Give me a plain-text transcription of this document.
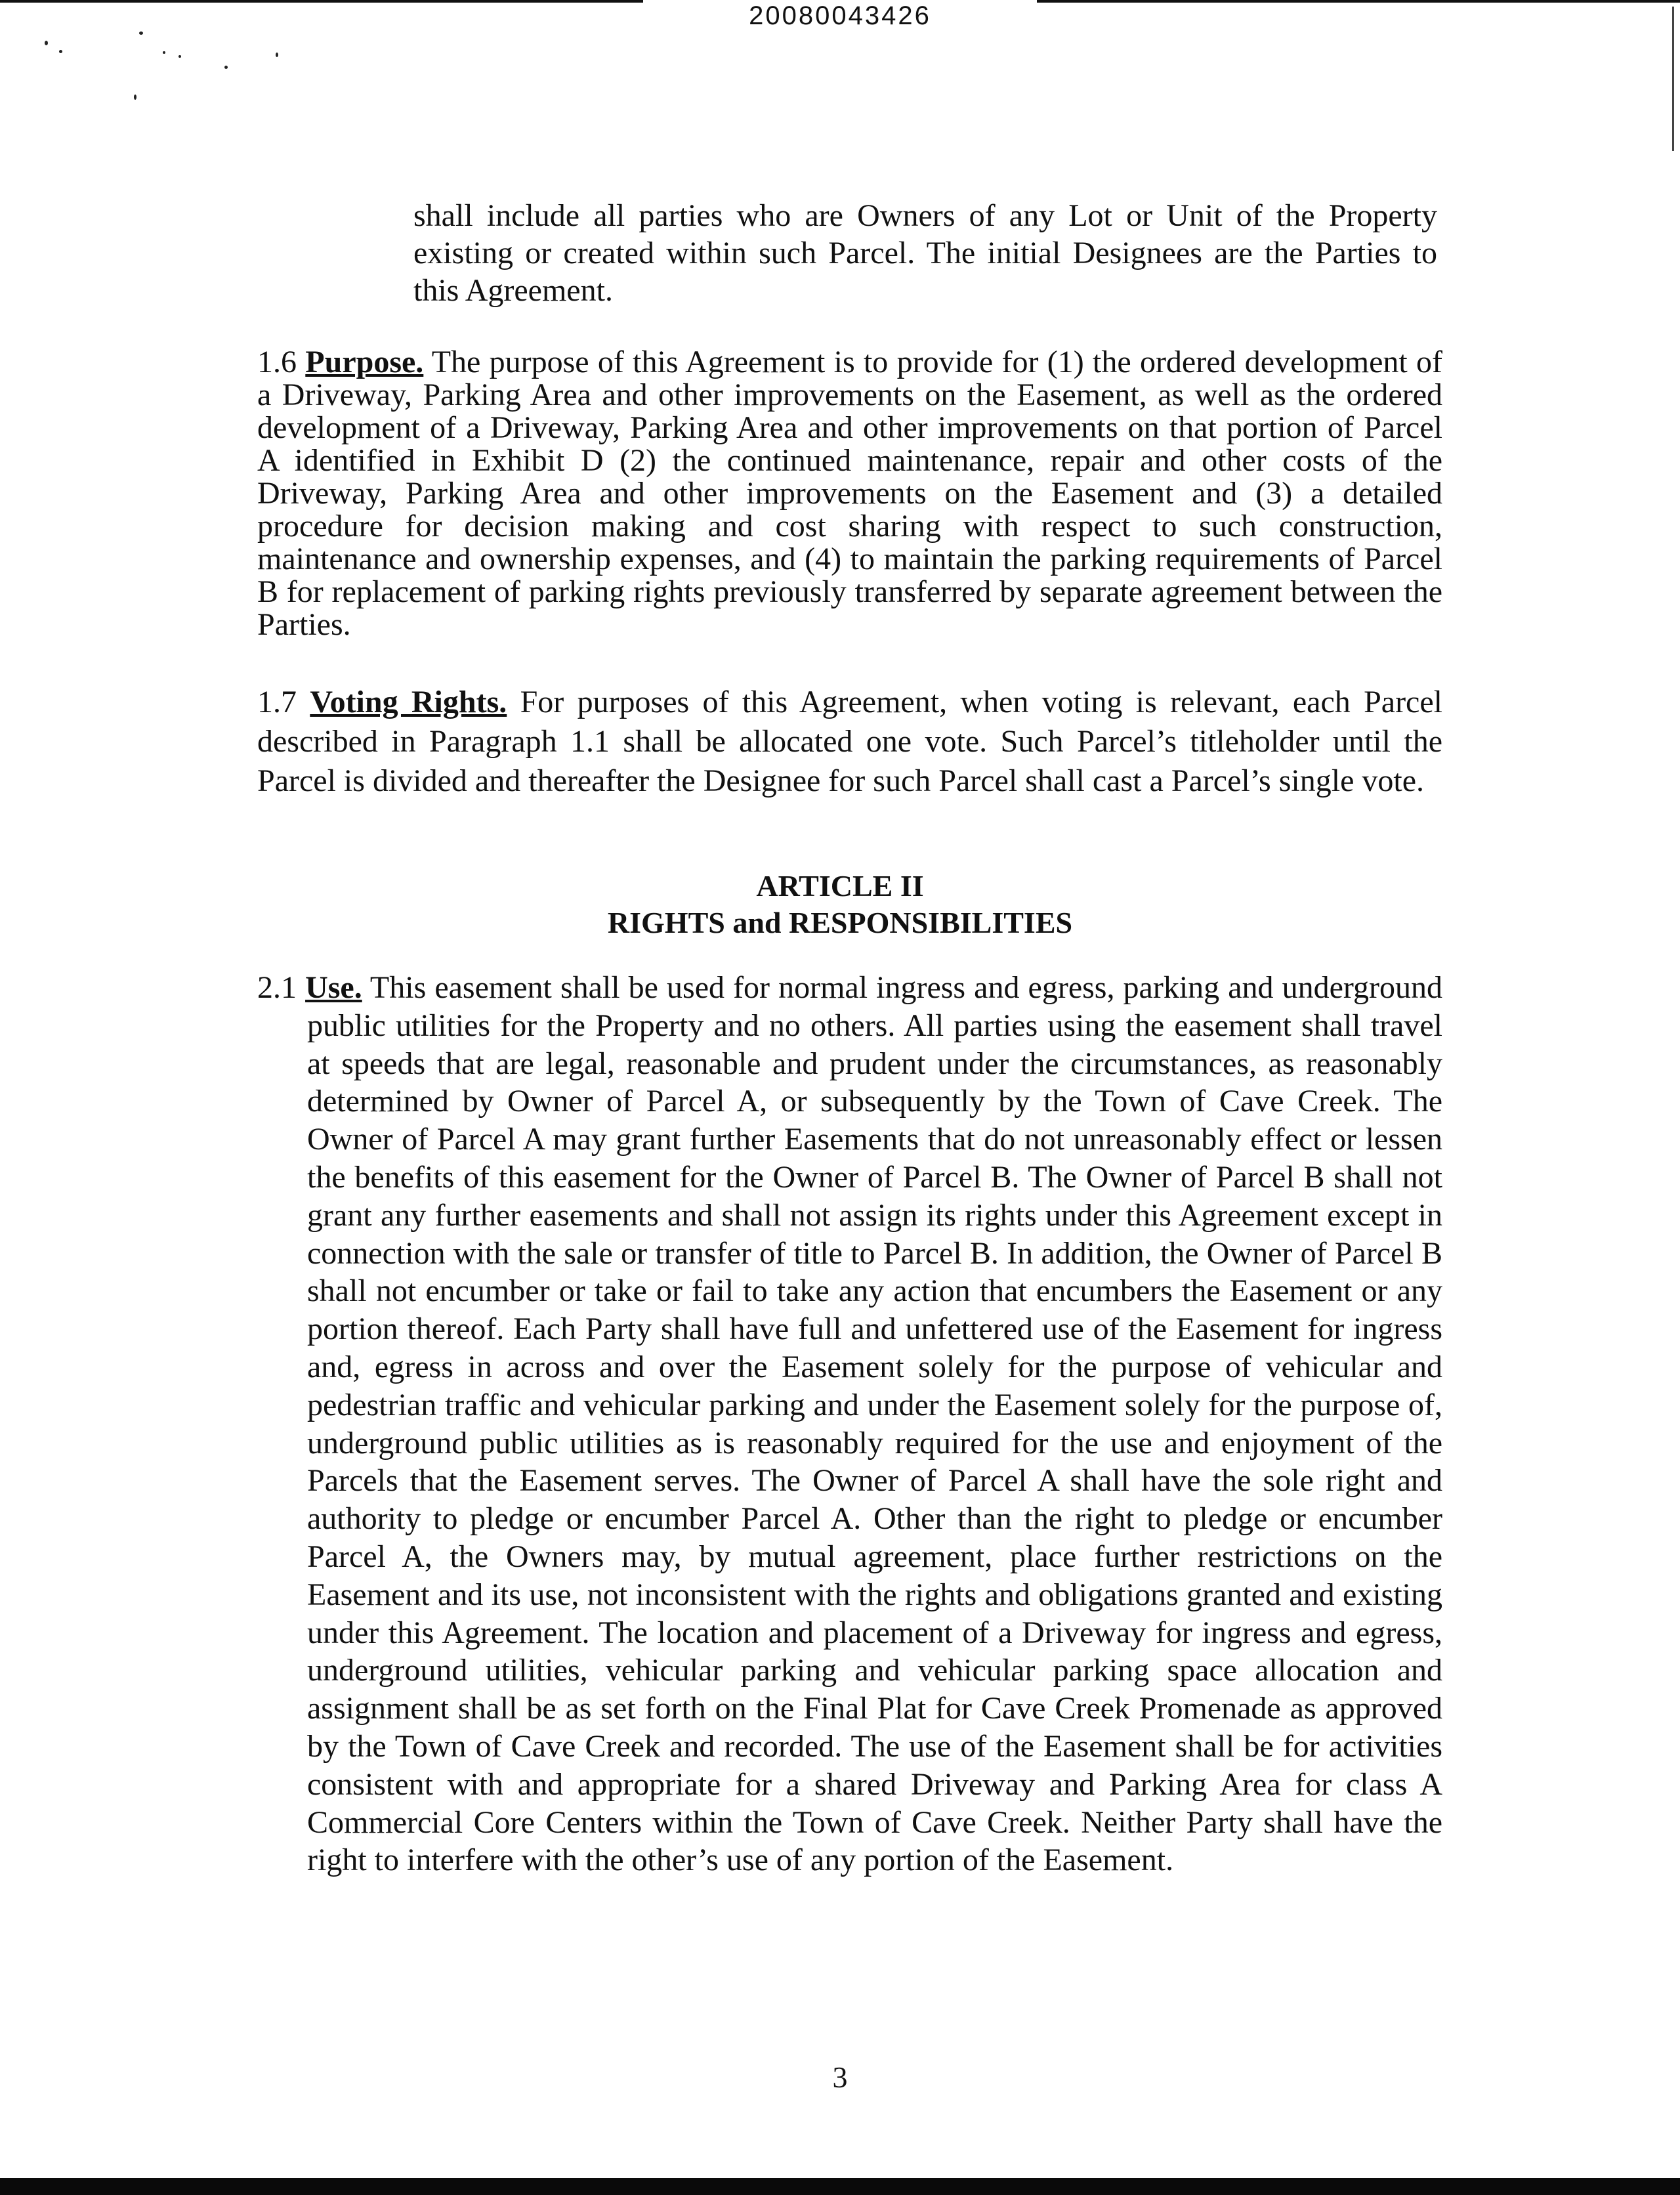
20080043426

shall include all parties who are Owners of any Lot or Unit of the Property existing or created within such Parcel. The initial Designees are the Parties to this Agreement.

1.6 Purpose. The purpose of this Agreement is to provide for (1) the ordered development of a Driveway, Parking Area and other improvements on the Easement, as well as the ordered development of a Driveway, Parking Area and other improvements on that portion of Parcel A identified in Exhibit D (2) the continued maintenance, repair and other costs of the Driveway, Parking Area and other improvements on the Easement and (3) a detailed procedure for decision making and cost sharing with respect to such construction, maintenance and ownership expenses, and (4) to maintain the parking requirements of Parcel B for replacement of parking rights previously transferred by separate agreement between the Parties.

1.7 Voting Rights. For purposes of this Agreement, when voting is relevant, each Parcel described in Paragraph 1.1 shall be allocated one vote. Such Parcel’s titleholder until the Parcel is divided and thereafter the Designee for such Parcel shall cast a Parcel’s single vote.

ARTICLE II
RIGHTS and RESPONSIBILITIES

2.1 Use. This easement shall be used for normal ingress and egress, parking and underground public utilities for the Property and no others. All parties using the easement shall travel at speeds that are legal, reasonable and prudent under the circumstances, as reasonably determined by Owner of Parcel A, or subsequently by the Town of Cave Creek. The Owner of Parcel A may grant further Easements that do not unreasonably effect or lessen the benefits of this easement for the Owner of Parcel B. The Owner of Parcel B shall not grant any further easements and shall not assign its rights under this Agreement except in connection with the sale or transfer of title to Parcel B. In addition, the Owner of Parcel B shall not encumber or take or fail to take any action that encumbers the Easement or any portion thereof. Each Party shall have full and unfettered use of the Easement for ingress and, egress in across and over the Easement solely for the purpose of vehicular and pedestrian traffic and vehicular parking and under the Easement solely for the purpose of, underground public utilities as is reasonably required for the use and enjoyment of the Parcels that the Easement serves. The Owner of Parcel A shall have the sole right and authority to pledge or encumber Parcel A. Other than the right to pledge or encumber Parcel A, the Owners may, by mutual agreement, place further restrictions on the Easement and its use, not inconsistent with the rights and obligations granted and existing under this Agreement. The location and placement of a Driveway for ingress and egress, underground utilities, vehicular parking and vehicular parking space allocation and assignment shall be as set forth on the Final Plat for Cave Creek Promenade as approved by the Town of Cave Creek and recorded. The use of the Easement shall be for activities consistent with and appropriate for a shared Driveway and Parking Area for class A Commercial Core Centers within the Town of Cave Creek. Neither Party shall have the right to interfere with the other’s use of any portion of the Easement.

3
